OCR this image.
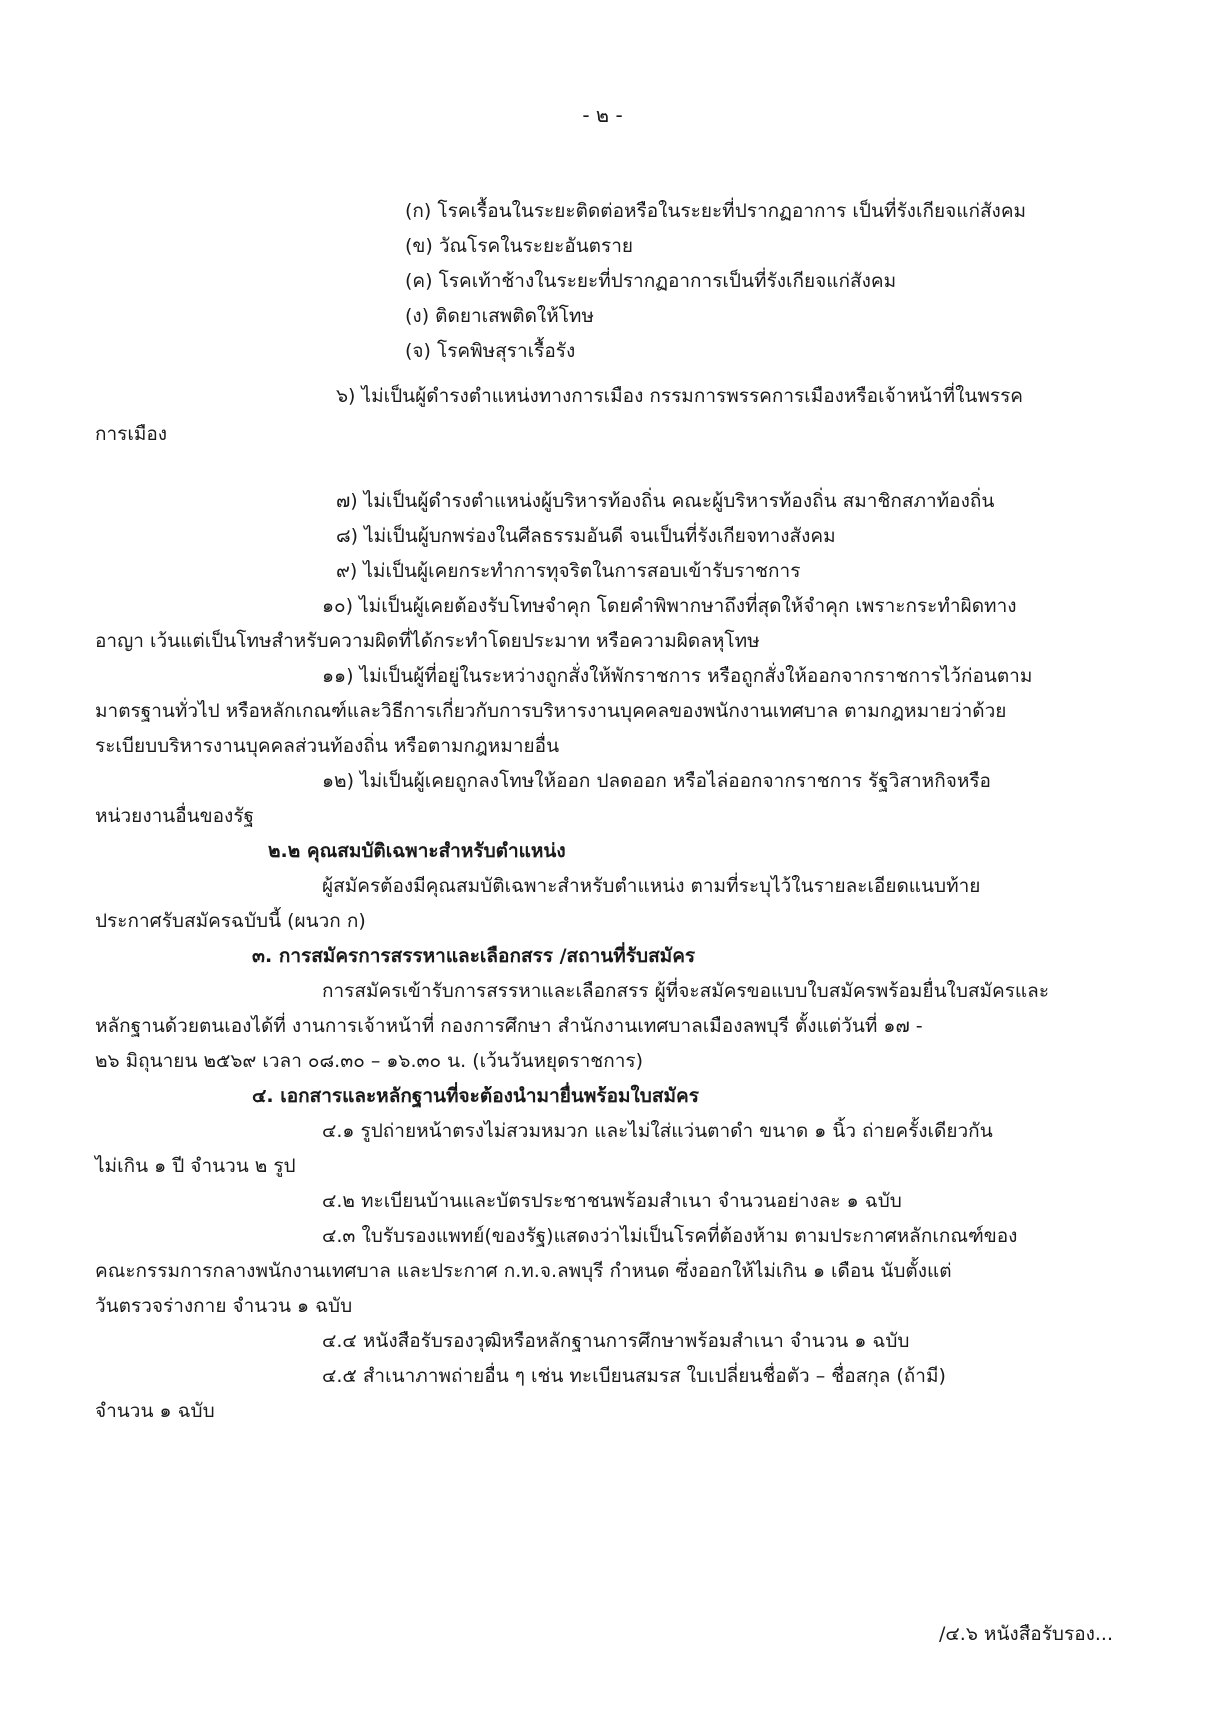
- ๒ -
(ก) โรคเรื้อนในระยะติดต่อหรือในระยะที่ปรากฏอาการ เป็นที่รังเกียจแก่สังคม
(ข) วัณโรคในระยะอันตราย
(ค) โรคเท้าช้างในระยะที่ปรากฏอาการเป็นที่รังเกียจแก่สังคม
(ง) ติดยาเสพติดให้โทษ
(จ) โรคพิษสุราเรื้อรัง
๖) ไม่เป็นผู้ดำรงตำแหน่งทางการเมือง กรรมการพรรคการเมืองหรือเจ้าหน้าที่ในพรรค
การเมือง
๗) ไม่เป็นผู้ดำรงตำแหน่งผู้บริหารท้องถิ่น คณะผู้บริหารท้องถิ่น สมาชิกสภาท้องถิ่น
๘) ไม่เป็นผู้บกพร่องในศีลธรรมอันดี จนเป็นที่รังเกียจทางสังคม
๙) ไม่เป็นผู้เคยกระทำการทุจริตในการสอบเข้ารับราชการ
๑๐) ไม่เป็นผู้เคยต้องรับโทษจำคุก โดยคำพิพากษาถึงที่สุดให้จำคุก เพราะกระทำผิดทาง
อาญา เว้นแต่เป็นโทษสำหรับความผิดที่ได้กระทำโดยประมาท หรือความผิดลหุโทษ
๑๑) ไม่เป็นผู้ที่อยู่ในระหว่างถูกสั่งให้พักราชการ หรือถูกสั่งให้ออกจากราชการไว้ก่อนตาม
มาตรฐานทั่วไป หรือหลักเกณฑ์และวิธีการเกี่ยวกับการบริหารงานบุคคลของพนักงานเทศบาล ตามกฎหมายว่าด้วย
ระเบียบบริหารงานบุคคลส่วนท้องถิ่น หรือตามกฎหมายอื่น
๑๒) ไม่เป็นผู้เคยถูกลงโทษให้ออก ปลดออก หรือไล่ออกจากราชการ รัฐวิสาหกิจหรือ
หน่วยงานอื่นของรัฐ
๒.๒ คุณสมบัติเฉพาะสำหรับตำแหน่ง
ผู้สมัครต้องมีคุณสมบัติเฉพาะสำหรับตำแหน่ง ตามที่ระบุไว้ในรายละเอียดแนบท้าย
ประกาศรับสมัครฉบับนี้ (ผนวก ก)
๓. การสมัครการสรรหาและเลือกสรร /สถานที่รับสมัคร
การสมัครเข้ารับการสรรหาและเลือกสรร ผู้ที่จะสมัครขอแบบใบสมัครพร้อมยื่นใบสมัครและ
หลักฐานด้วยตนเองได้ที่ งานการเจ้าหน้าที่ กองการศึกษา สำนักงานเทศบาลเมืองลพบุรี ตั้งแต่วันที่ ๑๗ -
๒๖ มิถุนายน ๒๕๖๙ เวลา ๐๘.๓๐ – ๑๖.๓๐ น. (เว้นวันหยุดราชการ)
๔. เอกสารและหลักฐานที่จะต้องนำมายื่นพร้อมใบสมัคร
๔.๑ รูปถ่ายหน้าตรงไม่สวมหมวก และไม่ใส่แว่นตาดำ ขนาด ๑ นิ้ว ถ่ายครั้งเดียวกัน
ไม่เกิน ๑ ปี จำนวน ๒ รูป
๔.๒ ทะเบียนบ้านและบัตรประชาชนพร้อมสำเนา จำนวนอย่างละ ๑ ฉบับ
๔.๓ ใบรับรองแพทย์(ของรัฐ)แสดงว่าไม่เป็นโรคที่ต้องห้าม ตามประกาศหลักเกณฑ์ของ
คณะกรรมการกลางพนักงานเทศบาล และประกาศ ก.ท.จ.ลพบุรี กำหนด ซึ่งออกให้ไม่เกิน ๑ เดือน นับตั้งแต่
วันตรวจร่างกาย จำนวน ๑ ฉบับ
๔.๔ หนังสือรับรองวุฒิหรือหลักฐานการศึกษาพร้อมสำเนา จำนวน ๑ ฉบับ
๔.๕ สำเนาภาพถ่ายอื่น ๆ เช่น ทะเบียนสมรส ใบเปลี่ยนชื่อตัว – ชื่อสกุล (ถ้ามี)
จำนวน ๑ ฉบับ
/๔.๖ หนังสือรับรอง...
